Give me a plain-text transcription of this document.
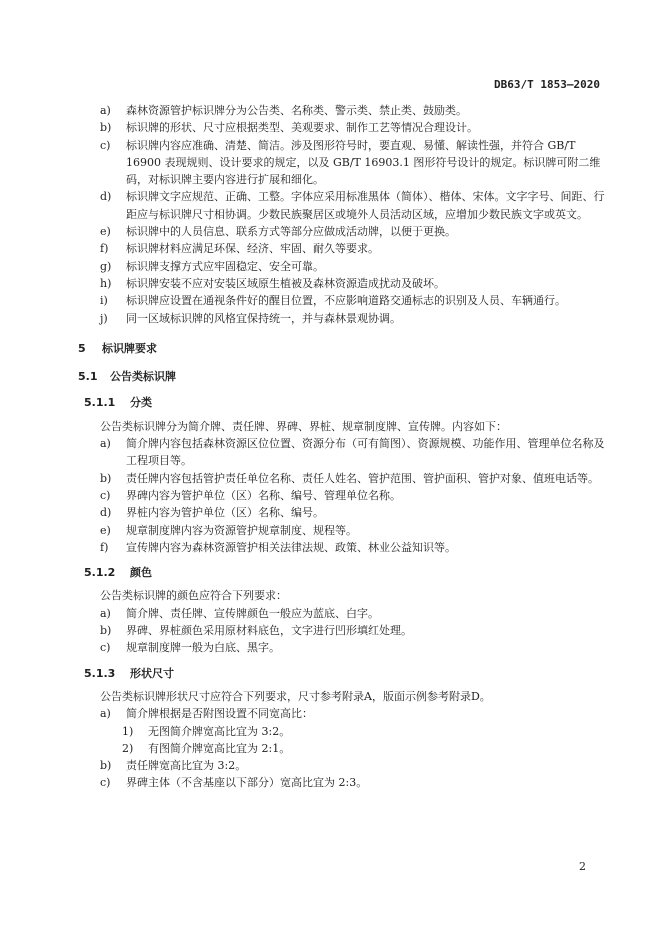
DB63/T 1853—2020
a)	森林资源管护标识牌分为公告类、名称类、警示类、禁止类、鼓励类。
b)	标识牌的形状、尺寸应根据类型、美观要求、制作工艺等情况合理设计。
c)	标识牌内容应准确、清楚、简洁。涉及图形符号时，要直观、易懂、解读性强，并符合 GB/T 16900 表现规则、设计要求的规定，以及 GB/T 16903.1 图形符号设计的规定。标识牌可附二维码，对标识牌主要内容进行扩展和细化。
d)	标识牌文字应规范、正确、工整。字体应采用标准黑体（简体）、楷体、宋体。文字字号、间距、行距应与标识牌尺寸相协调。少数民族聚居区或境外人员活动区域，应增加少数民族文字或英文。
e)	标识牌中的人员信息、联系方式等部分应做成活动牌，以便于更换。
f)	标识牌材料应满足环保、经济、牢固、耐久等要求。
g)	标识牌支撑方式应牢固稳定、安全可靠。
h)	标识牌安装不应对安装区域原生植被及森林资源造成扰动及破坏。
i)	标识牌应设置在通视条件好的醒目位置，不应影响道路交通标志的识别及人员、车辆通行。
j)	同一区域标识牌的风格宜保持统一，并与森林景观协调。
5 标识牌要求
5.1 公告类标识牌
5.1.1 分类
公告类标识牌分为简介牌、责任牌、界碑、界桩、规章制度牌、宣传牌。内容如下：
a)	简介牌内容包括森林资源区位位置、资源分布（可有简图）、资源规模、功能作用、管理单位名称及工程项目等。
b)	责任牌内容包括管护责任单位名称、责任人姓名、管护范围、管护面积、管护对象、值班电话等。
c)	界碑内容为管护单位（区）名称、编号、管理单位名称。
d)	界桩内容为管护单位（区）名称、编号。
e)	规章制度牌内容为资源管护规章制度、规程等。
f)	宣传牌内容为森林资源管护相关法律法规、政策、林业公益知识等。
5.1.2 颜色
公告类标识牌的颜色应符合下列要求：
a)	简介牌、责任牌、宣传牌颜色一般应为蓝底、白字。
b)	界碑、界桩颜色采用原材料底色，文字进行凹形填红处理。
c)	规章制度牌一般为白底、黑字。
5.1.3 形状尺寸
公告类标识牌形状尺寸应符合下列要求，尺寸参考附录A，版面示例参考附录D。
a)	简介牌根据是否附图设置不同宽高比：
1) 无图简介牌宽高比宜为 3:2。
2) 有图简介牌宽高比宜为 2:1。
b)	责任牌宽高比宜为 3:2。
c)	界碑主体（不含基座以下部分）宽高比宜为 2:3。
2
